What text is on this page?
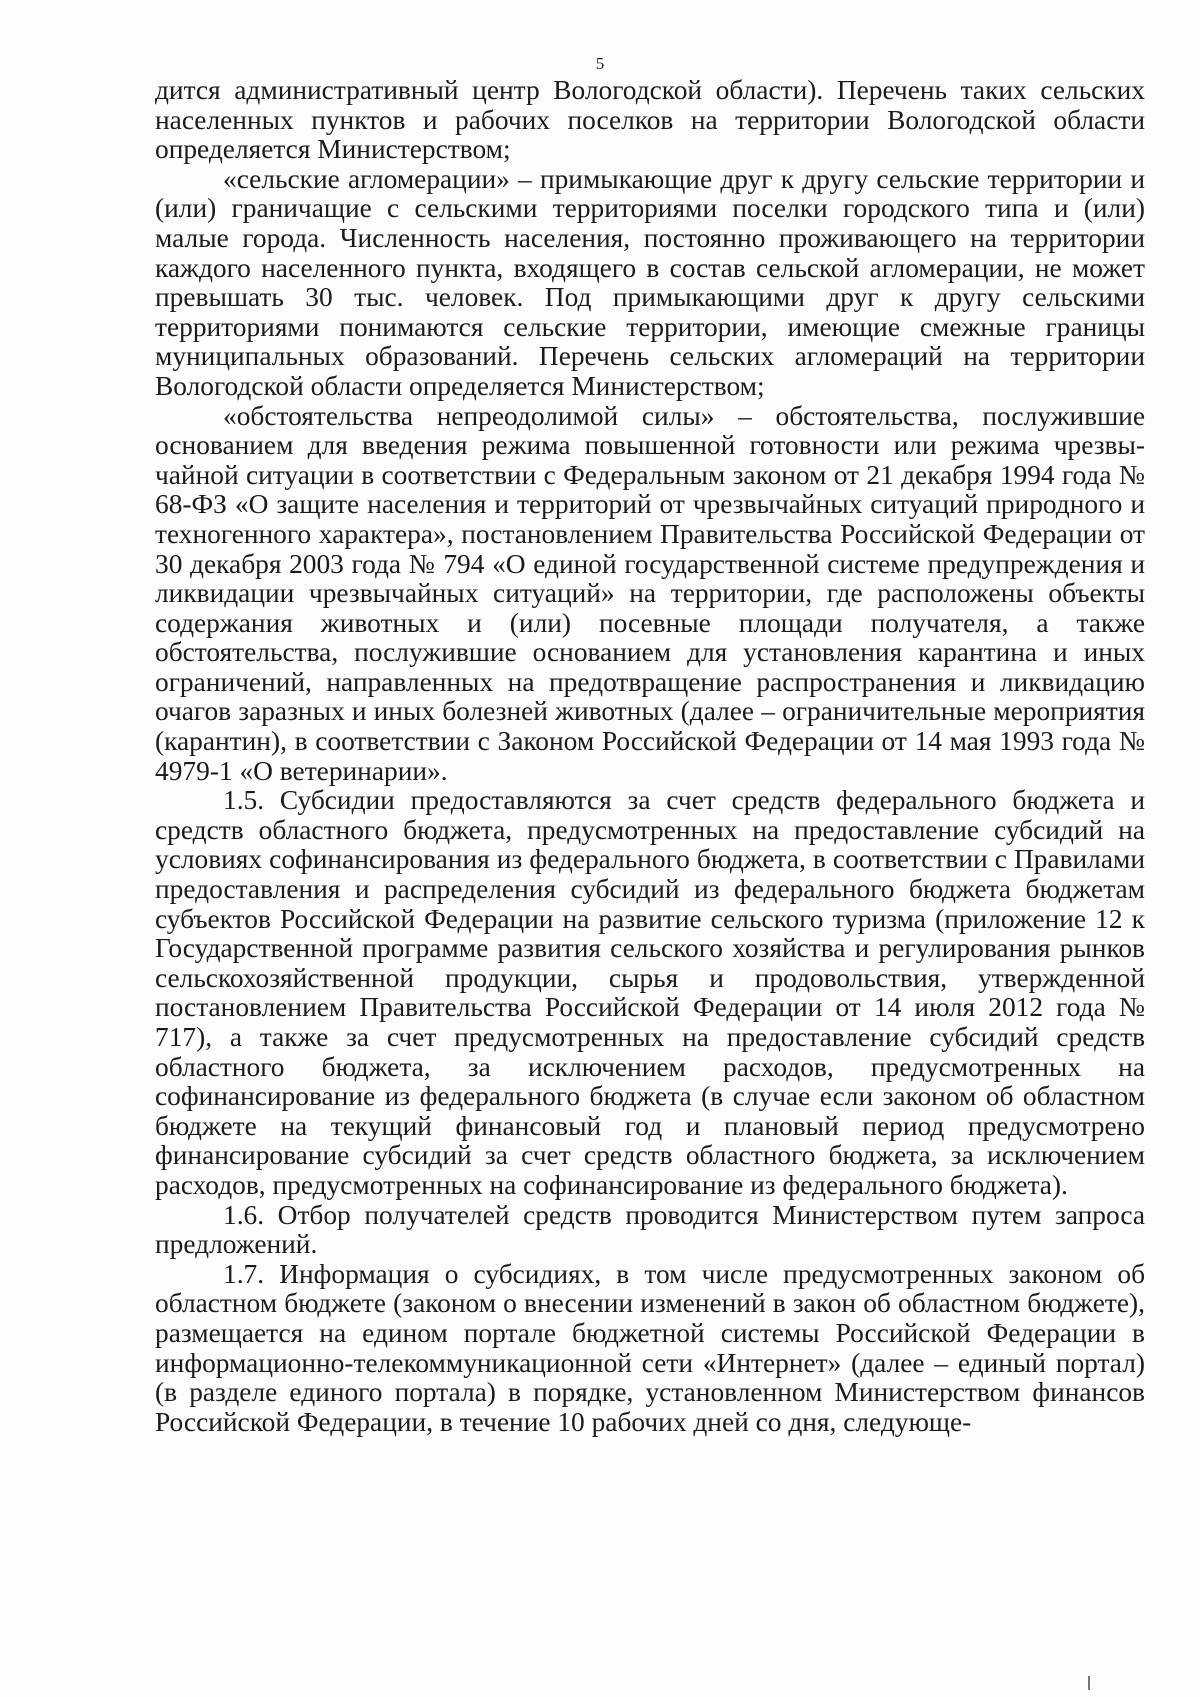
5

дится административный центр Вологодской области). Перечень таких сельских населенных пунктов и рабочих поселков на территории Вологодской области определяется Министерством;

«сельские агломерации» – примыкающие друг к другу сельские территории и (или) граничащие с сельскими территориями поселки городского типа и (или) малые города. Численность населения, постоянно проживающего на территории каждого населенного пункта, входящего в состав сельской агломерации, не может превышать 30 тыс. человек. Под примыкающими друг к другу сельскими территориями понимаются сельские территории, имеющие смежные границы муниципальных образований. Перечень сельских агломераций на территории Вологодской области определяется Министерством;

«обстоятельства непреодолимой силы» – обстоятельства, послужившие основанием для введения режима повышенной готовности или режима чрезвычайной ситуации в соответствии с Федеральным законом от 21 декабря 1994 года № 68-ФЗ «О защите населения и территорий от чрезвычайных ситуаций природного и техногенного характера», постановлением Правительства Российской Федерации от 30 декабря 2003 года № 794 «О единой государственной системе предупреждения и ликвидации чрезвычайных ситуаций» на территории, где расположены объекты содержания животных и (или) посевные площади получателя, а также обстоятельства, послужившие основанием для установления карантина и иных ограничений, направленных на предотвращение распространения и ликвидацию очагов заразных и иных болезней животных (далее – ограничительные мероприятия (карантин), в соответствии с Законом Российской Федерации от 14 мая 1993 года № 4979-1 «О ветеринарии».

1.5. Субсидии предоставляются за счет средств федерального бюджета и средств областного бюджета, предусмотренных на предоставление субсидий на условиях софинансирования из федерального бюджета, в соответствии с Правилами предоставления и распределения субсидий из федерального бюджета бюджетам субъектов Российской Федерации на развитие сельского туризма (приложение 12 к Государственной программе развития сельского хозяйства и регулирования рынков сельскохозяйственной продукции, сырья и продовольствия, утвержденной постановлением Правительства Российской Федерации от 14 июля 2012 года № 717), а также за счет предусмотренных на предоставление субсидий средств областного бюджета, за исключением расходов, предусмотренных на софинансирование из федерального бюджета (в случае если законом об областном бюджете на текущий финансовый год и плановый период предусмотрено финансирование субсидий за счет средств областного бюджета, за исключением расходов, предусмотренных на софинансирование из федерального бюджета).

1.6. Отбор получателей средств проводится Министерством путем запроса предложений.

1.7. Информация о субсидиях, в том числе предусмотренных законом об областном бюджете (законом о внесении изменений в закон об областном бюджете), размещается на едином портале бюджетной системы Российской Федерации в информационно-телекоммуникационной сети «Интернет» (далее – единый портал) (в разделе единого портала) в порядке, установленном Министерством финансов Российской Федерации, в течение 10 рабочих дней со дня, следующе-
